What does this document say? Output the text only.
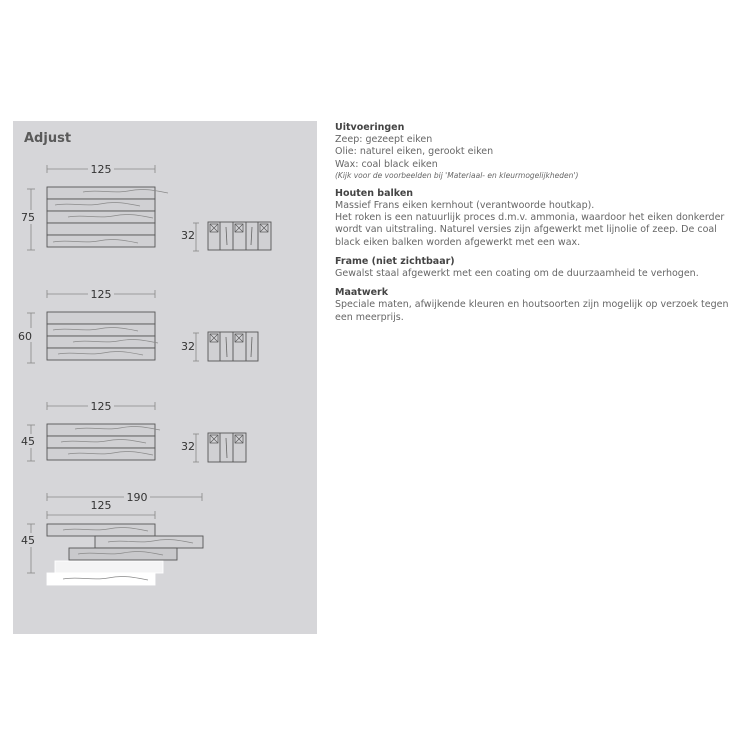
Adjust
125
75
32
125
60
32
125
45	32
190
125
45
Uitvoeringen

Zeep: gezeept eiken

Olie: naturel eiken, gerookt eiken

Wax: coal black eiken

(Kijk voor de voorbeelden bij 'Materiaal- en kleurmogelijkheden')

Houten balken

Massief Frans eiken kernhout (verantwoorde houtkap).

Het roken is een natuurlijk proces d.m.v. ammonia, waardoor het eiken donkerder wordt van uitstraling. Naturel versies zijn afgewerkt met lijnolie of zeep. De coal black eiken balken worden afgewerkt met een wax.

Frame (niet zichtbaar)

Gewalst staal afgewerkt met een coating om de duurzaamheid te verhogen.

Maatwerk

Speciale maten, afwijkende kleuren en houtsoorten zijn mogelijk op verzoek tegen een meerprijs.
